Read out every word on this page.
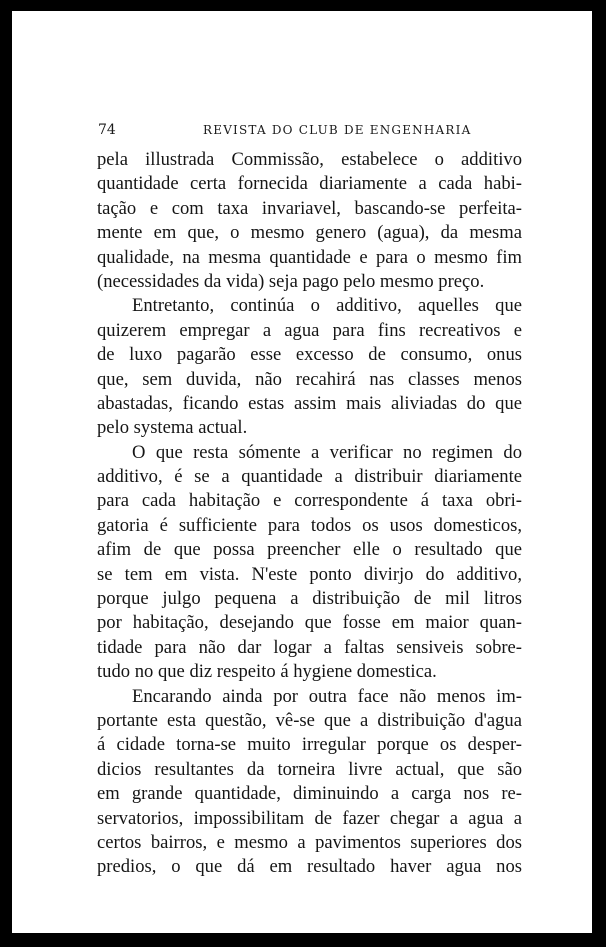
74	REVISTA DO CLUB DE ENGENHARIA
pela illustrada Commissão, estabelece o additivo
quantidade certa fornecida diariamente a cada habi-
tação e com taxa invariavel, bascando-se perfeita-
mente em que, o mesmo genero (agua), da mesma
qualidade, na mesma quantidade e para o mesmo fim
(necessidades da vida) seja pago pelo mesmo preço.
Entretanto, continúa o additivo, aquelles que
quizerem empregar a agua para fins recreativos e
de luxo pagarão esse excesso de consumo, onus
que, sem duvida, não recahirá nas classes menos
abastadas, ficando estas assim mais aliviadas do que
pelo systema actual.
O que resta sómente a verificar no regimen do
additivo, é se a quantidade a distribuir diariamente
para cada habitação e correspondente á taxa obri-
gatoria é sufficiente para todos os usos domesticos,
afim de que possa preencher elle o resultado que
se tem em vista. N'este ponto divirjo do additivo,
porque julgo pequena a distribuição de mil litros
por habitação, desejando que fosse em maior quan-
tidade para não dar logar a faltas sensiveis sobre-
tudo no que diz respeito á hygiene domestica.
Encarando ainda por outra face não menos im-
portante esta questão, vê-se que a distribuição d'agua
á cidade torna-se muito irregular porque os desper-
dicios resultantes da torneira livre actual, que são
em grande quantidade, diminuindo a carga nos re-
servatorios, impossibilitam de fazer chegar a agua a
certos bairros, e mesmo a pavimentos superiores dos
predios, o que dá em resultado haver agua nos
